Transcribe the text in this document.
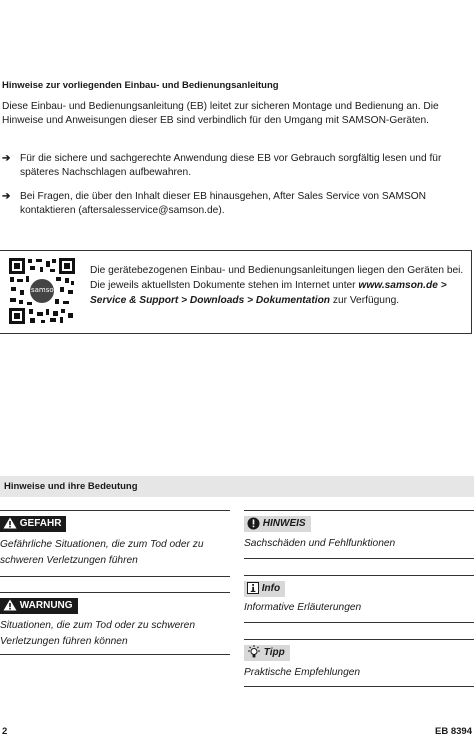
Hinweise zur vorliegenden Einbau- und Bedienungsanleitung
Diese Einbau- und Bedienungsanleitung (EB) leitet zur sicheren Montage und Bedienung an. Die Hinweise und Anweisungen dieser EB sind verbindlich für den Umgang mit SAMSON-Geräten.
➔ Für die sichere und sachgerechte Anwendung diese EB vor Gebrauch sorgfältig lesen und für späteres Nachschlagen aufbewahren.
➔ Bei Fragen, die über den Inhalt dieser EB hinausgehen, After Sales Service von SAMSON kontaktieren (aftersalesservice@samson.de).
samson
Die gerätebezogenen Einbau- und Bedienungsanleitungen liegen den Geräten bei. Die jeweils aktuellsten Dokumente stehen im Internet unter www.samson.de > Service & Support > Downloads > Dokumentation zur Verfügung.
Hinweise und ihre Bedeutung
GEFAHR
Gefährliche Situationen, die zum Tod oder zu schweren Verletzungen führen
WARNUNG
Situationen, die zum Tod oder zu schweren Verletzungen führen können
HINWEIS
Sachschäden und Fehlfunktionen
Info
Informative Erläuterungen
Tipp
Praktische Empfehlungen
2	EB 8394
